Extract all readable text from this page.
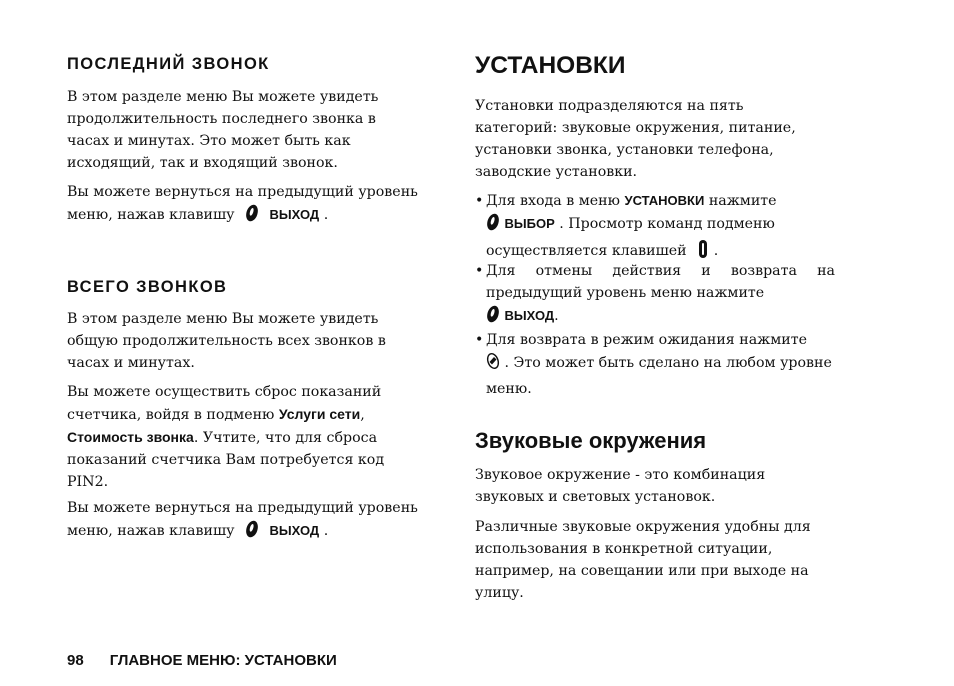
ПОСЛЕДНИЙ ЗВОНОК

В этом разделе меню Вы можете увидеть продолжительность последнего звонка в часах и минутах. Это может быть как исходящий, так и входящий звонок.

Вы можете вернуться на предыдущий уровень меню, нажав клавишу	ВЫХОД .

ВСЕГО ЗВОНКОВ

В этом разделе меню Вы можете увидеть общую продолжительность всех звонков в часах и минутах.

Вы можете осуществить сброс показаний счетчика, войдя в подменю Услуги сети, Стоимость звонка. Учтите, что для сброса показаний счетчика Вам потребуется код PIN2.

Вы можете вернуться на предыдущий уровень меню, нажав клавишу	ВЫХОД .

УСТАНОВКИ

Установки подразделяются на пять категорий: звуковые окружения, питание, установки звонка, установки телефона, заводские установки.

• Для входа в меню УСТАНОВКИ нажмите
ВЫБОР . Просмотр команд подменю осуществляется клавишей .
• Для отмены действия и возврата на предыдущий уровень меню нажмите
ВЫХОД.
• Для возврата в режим ожидания нажмите
. Это может быть сделано на любом уровне меню.
Звуковые окружения

Звуковое окружение - это комбинация звуковых и световых установок.

Различные звуковые окружения удобны для использования в конкретной ситуации, например, на совещании или при выходе на улицу.

98 ГЛАВНОЕ МЕНЮ: УСТАНОВКИ
